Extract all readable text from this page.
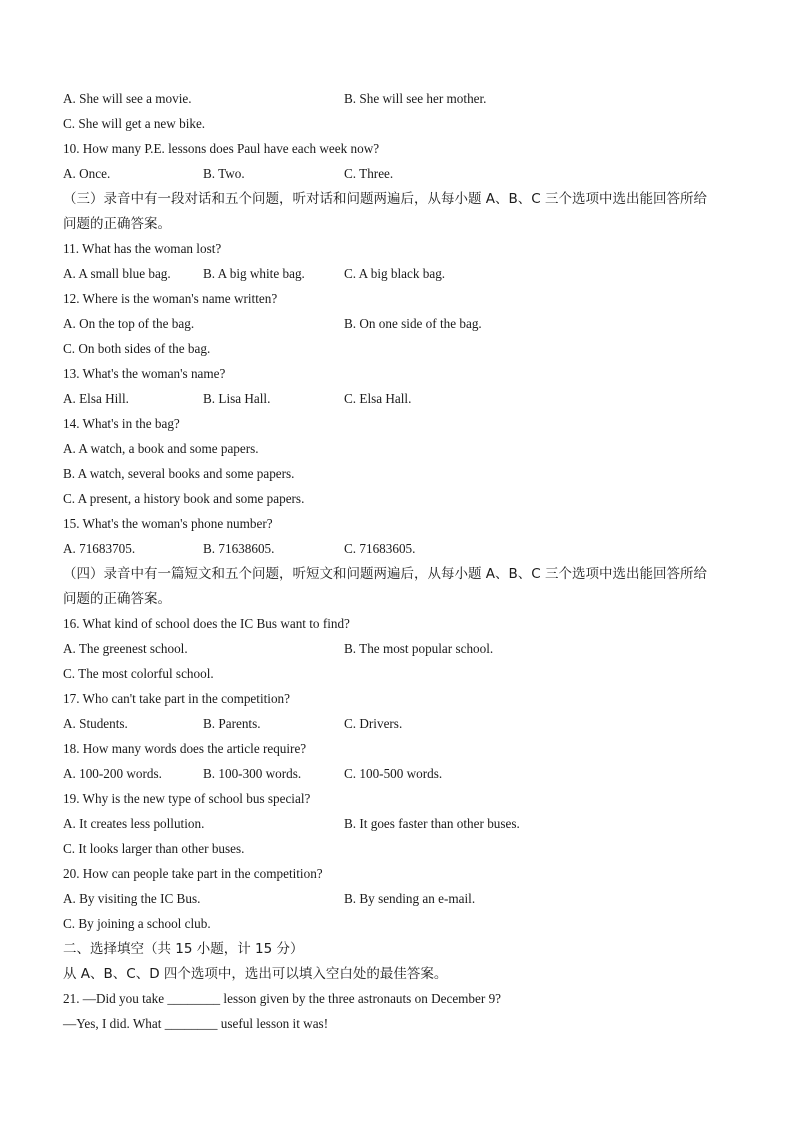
A. She will see a movie.	B. She will see her mother.
C. She will get a new bike.
10. How many P.E. lessons does Paul have each week now?
A. Once.	B. Two.	C. Three.
（三）录音中有一段对话和五个问题，听对话和问题两遍后，从每小题 A、B、C 三个选项中选出能回答所给
问题的正确答案。
11. What has the woman lost?
A. A small blue bag. B. A big white bag.	C. A big black bag.
12. Where is the woman's name written?
A. On the top of the bag.	B. On one side of the bag.
C. On both sides of the bag.
13. What's the woman's name?
A. Elsa Hill.	B. Lisa Hall.	C. Elsa Hall.
14. What's in the bag?
A. A watch, a book and some papers.
B. A watch, several books and some papers.
C. A present, a history book and some papers.
15. What's the woman's phone number?
A. 71683705.	B. 71638605.	C. 71683605.
（四）录音中有一篇短文和五个问题，听短文和问题两遍后，从每小题 A、B、C 三个选项中选出能回答所给
问题的正确答案。
16. What kind of school does the IC Bus want to find?
A. The greenest school.	B. The most popular school.
C. The most colorful school.
17. Who can't take part in the competition?
A. Students.	B. Parents.	C. Drivers.
18. How many words does the article require?
A. 100-200 words.	B. 100-300 words.	C. 100-500 words.
19. Why is the new type of school bus special?
A. It creates less pollution.	B. It goes faster than other buses.
C. It looks larger than other buses.
20. How can people take part in the competition?
A. By visiting the IC Bus.	B. By sending an e-mail.
C. By joining a school club.
二、选择填空（共 15 小题，计 15 分）
从 A、B、C、D 四个选项中，选出可以填入空白处的最佳答案。
21. —Did you take ________ lesson given by the three astronauts on December 9?
—Yes, I did. What ________ useful lesson it was!
